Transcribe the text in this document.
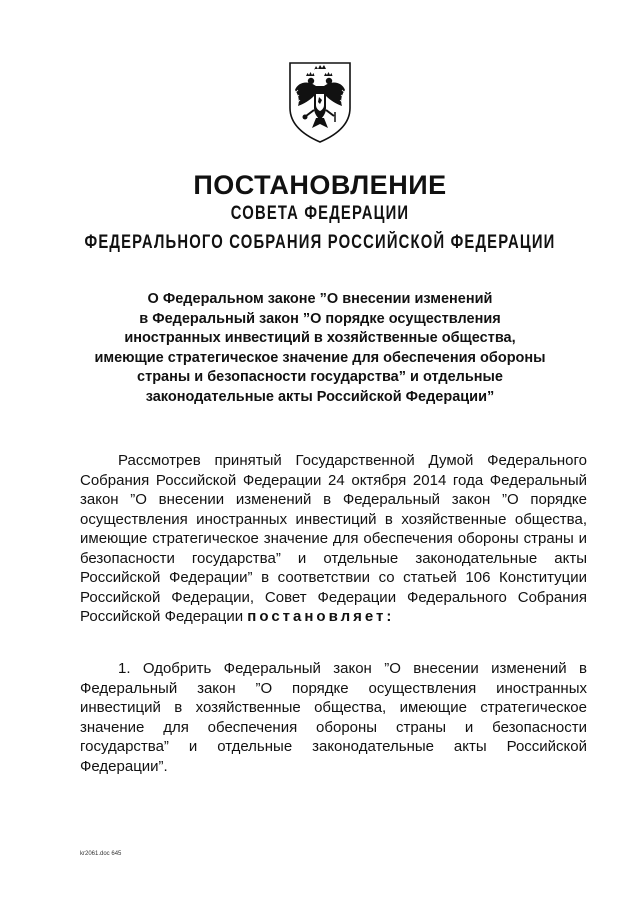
ПОСТАНОВЛЕНИЕ
СОВЕТА ФЕДЕРАЦИИ
ФЕДЕРАЛЬНОГО СОБРАНИЯ РОССИЙСКОЙ ФЕДЕРАЦИИ

О Федеральном законе ”О внесении изменений
в Федеральный закон ”О порядке осуществления
иностранных инвестиций в хозяйственные общества,
имеющие стратегическое значение для обеспечения обороны
страны и безопасности государства” и отдельные
законодательные акты Российской Федерации”

Рассмотрев принятый Государственной Думой Федерального Собрания Российской Федерации 24 октября 2014 года Федеральный закон ”О внесении изменений в Федеральный закон ”О порядке осуществления иностранных инвестиций в хозяйственные общества, имеющие стратегическое значение для обеспечения обороны страны и безопасности государства” и отдельные законодательные акты Российской Федерации” в соответствии со статьей 106 Конституции Российской Федерации, Совет Федерации Федерального Собрания Российской Федерации постановляет:

1. Одобрить Федеральный закон ”О внесении изменений в Федеральный закон ”О порядке осуществления иностранных инвестиций в хозяйственные общества, имеющие стратегическое значение для обеспечения обороны страны и безопасности государства” и отдельные законодательные акты Российской Федерации”.

kr2061.doc 645
